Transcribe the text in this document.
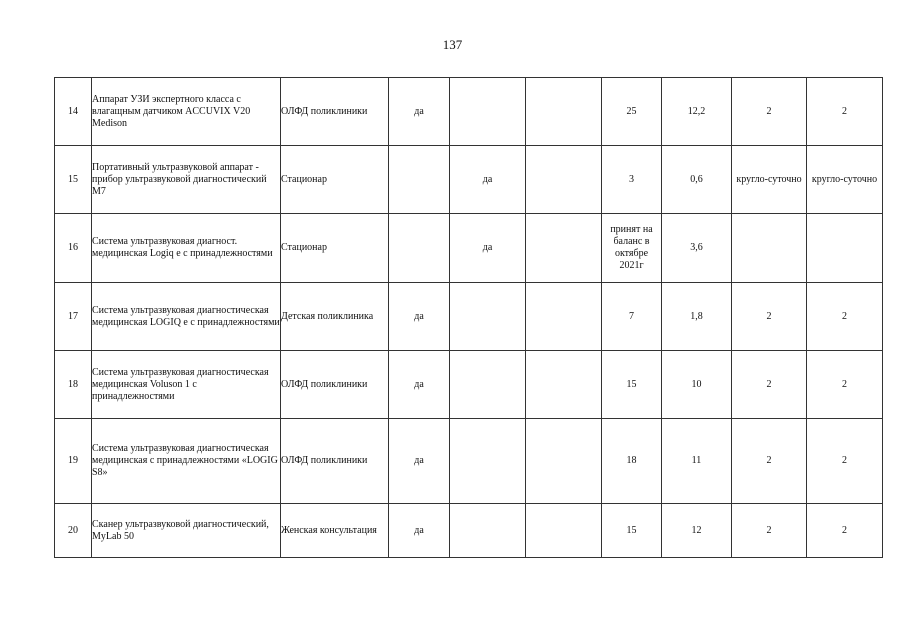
137
14	Аппарат УЗИ экспертного класса с влагащным датчиком ACCUVIX V20 Medison	ОЛФД поликлиники	да			25	12,2	2	2
15	Портативный ультразвуковой аппарат - прибор ультразвуковой диагностический M7	Стационар		да		3	0,6	кругло-суточно	кругло-суточно
16	Система ультразвуковая диагност. медицинская Logiq e с принадлежностями	Стационар		да		принят на баланс в октябре 2021г	3,6		
17	Система ультразвуковая диагностическая медицинская LOGIQ e с принадлежностями	Детская поликлиника	да			7	1,8	2	2
18	Система ультразвуковая диагностическая медицинская Voluson 1 с принадлежностями	ОЛФД поликлиники	да			15	10	2	2
19	Система ультразвуковая диагностическая медицинская с принадлежностями «LOGIG S8»	ОЛФД поликлиники	да			18	11	2	2
20	Сканер ультразвуковой диагностический, MyLab 50	Женская консультация	да			15	12	2	2
